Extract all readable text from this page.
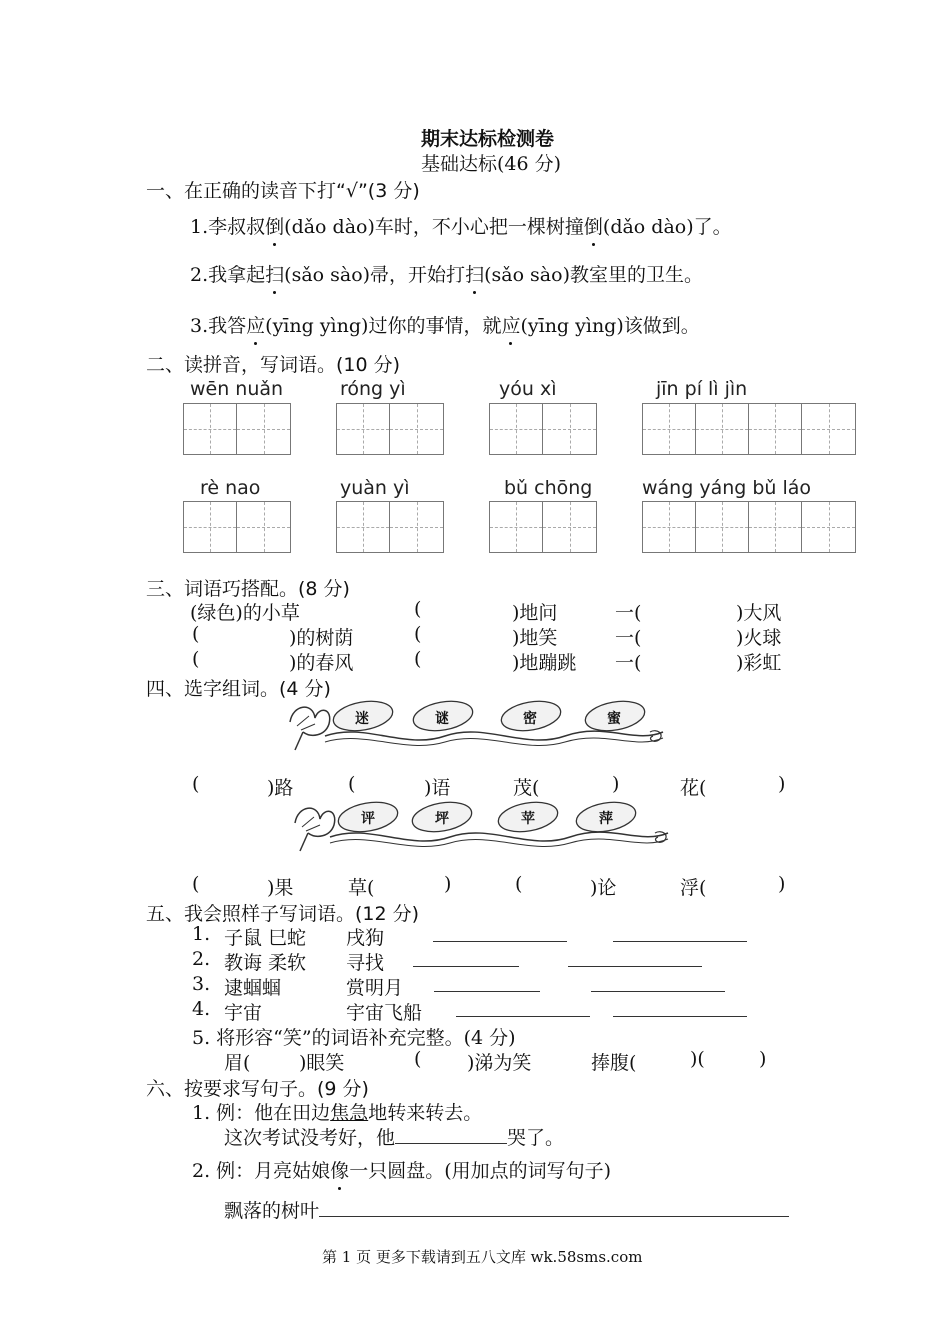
期末达标检测卷
基础达标(46 分)
一、在正确的读音下打“√”(3 分)
1.李叔叔倒(dǎo dào)车时，不小心把一棵树撞倒(dǎo dào)了。
2.我拿起扫(sǎo sào)帚，开始打扫(sǎo sào)教室里的卫生。
3.我答应(yīng yìng)过你的事情，就应(yīng yìng)该做到。
二、读拼音，写词语。(10 分)
wēn nuǎn	róng yì	yóu xì	jīn pí lì jìn
rè nao	yuàn yì	bǔ chōng	wáng yáng bǔ láo
三、词语巧搭配。(8 分)
(绿色)的小草	(	)地问	一(	)大风
(	)的树荫	(	)地笑	一(	)火球
(	)的春风	(	)地蹦跳 一(	)彩虹
四、选字组词。(4 分)
迷	谜	密	蜜
(	)路	(	)语	茂(	)	花(	)
评	坪	苹	萍
(	)果	草(	)	(	)论	浮(	)
五、我会照样子写词语。(12 分)
1. 子鼠 巳蛇 戌狗
2. 教诲 柔软 寻找
3. 逮蝈蝈	赏明月
4. 宇宙	宇宙飞船
5. 将形容“笑”的词语补充完整。(4 分)
眉(	)眼笑	( )涕为笑	捧腹(	)(	)
六、按要求写句子。(9 分)
1. 例：他在田边焦急地转来转去。
这次考试没考好，他	哭了。
2. 例：月亮姑娘像一只圆盘。(用加点的词写句子)
飘落的树叶
第 1 页 更多下载请到五八文库 wk.58sms.com
